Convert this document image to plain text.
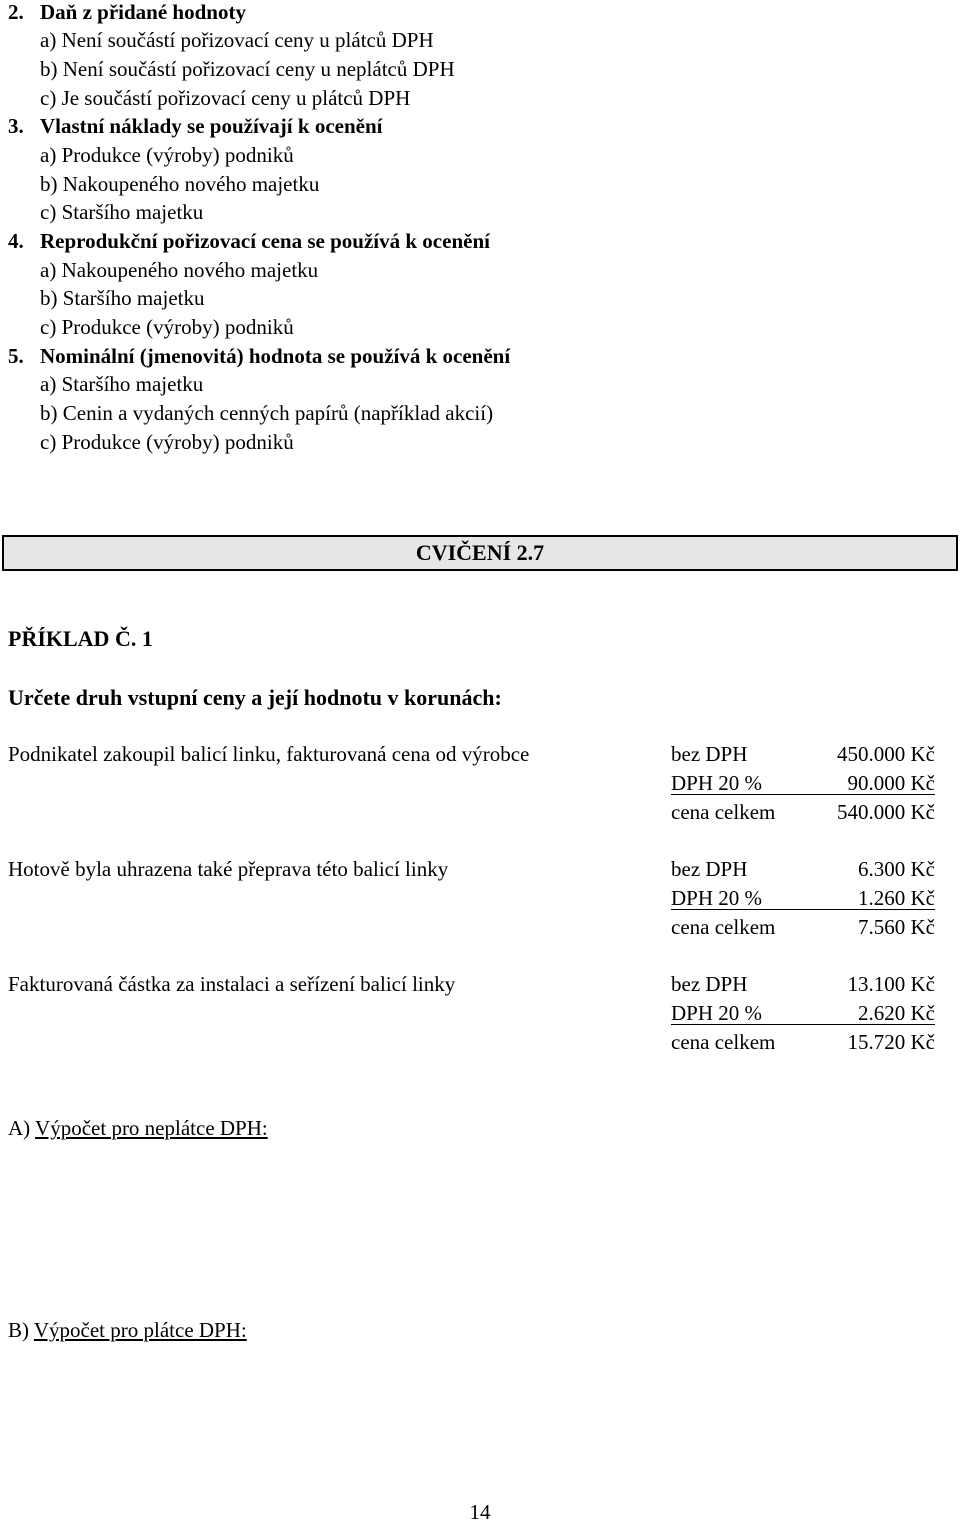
2. Daň z přidané hodnoty
a) Není součástí pořizovací ceny u plátců DPH
b) Není součástí pořizovací ceny u neplátců DPH
c) Je součástí pořizovací ceny u plátců DPH
3. Vlastní náklady se používají k ocenění
a) Produkce (výroby) podniků
b) Nakoupeného nového majetku
c) Staršího majetku
4. Reprodukční pořizovací cena se používá k ocenění
a) Nakoupeného nového majetku
b) Staršího majetku
c) Produkce (výroby) podniků
5. Nominální (jmenovitá) hodnota se používá k ocenění
a) Staršího majetku
b) Cenin a vydaných cenných papírů (například akcií)
c) Produkce (výroby) podniků
CVIČENÍ 2.7
PŘÍKLAD Č. 1
Určete druh vstupní ceny a její hodnotu v korunách:
Podnikatel zakoupil balicí linku, fakturovaná cena od výrobce	bez DPH	450.000 Kč
DPH 20 %	90.000 Kč
cena celkem	540.000 Kč
Hotově byla uhrazena také přeprava této balicí linky	bez DPH	6.300 Kč
DPH 20 %	1.260 Kč
cena celkem	7.560 Kč
Fakturovaná částka za instalaci a seřízení balicí linky	bez DPH	13.100 Kč
DPH 20 %	2.620 Kč
cena celkem	15.720 Kč
A) Výpočet pro neplátce DPH:
B) Výpočet pro plátce DPH:
14
